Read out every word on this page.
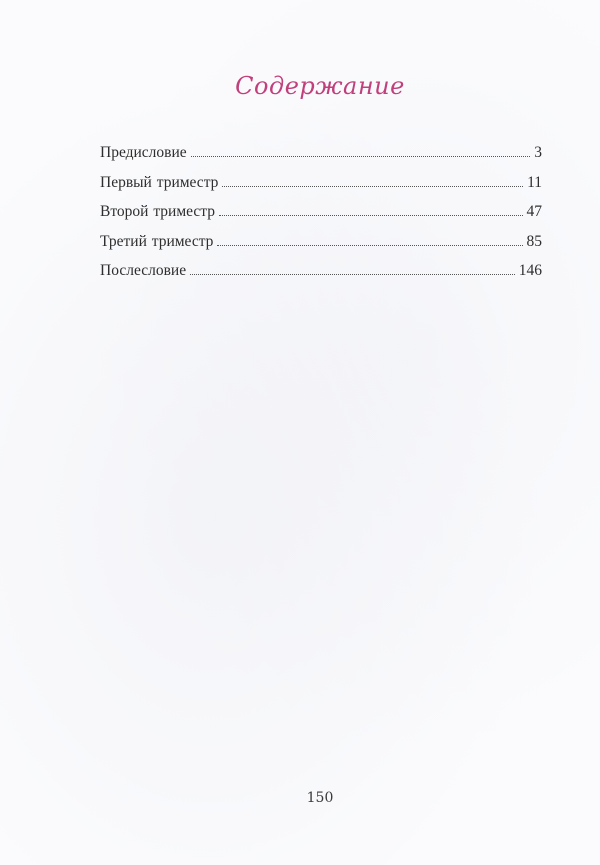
Содержание
Предисловие	3
Первый триместр	11
Второй триместр	47
Третий триместр	85
Послесловие	146
150
